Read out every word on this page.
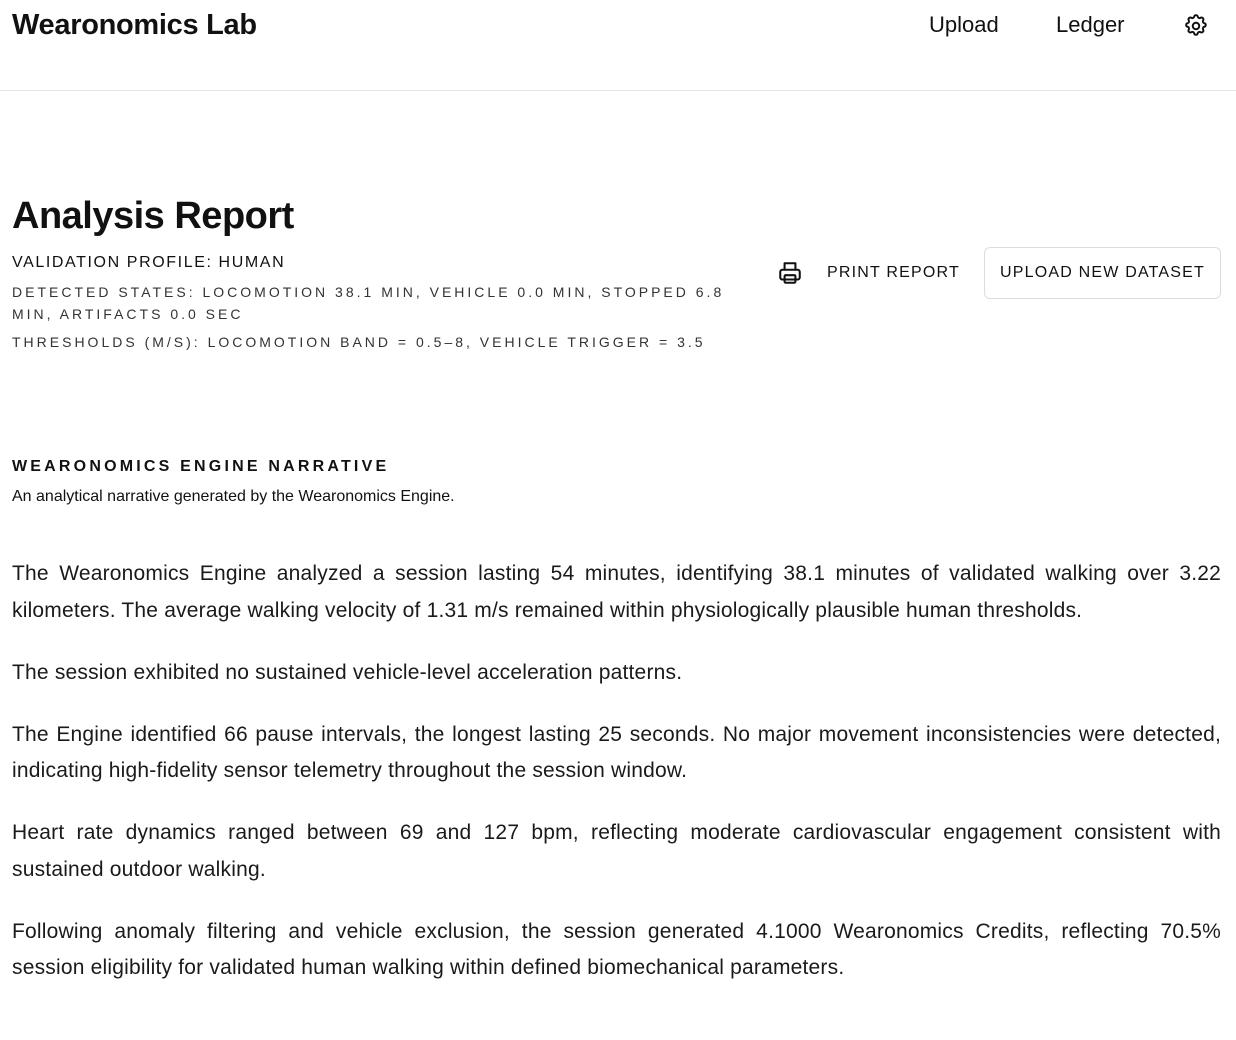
Wearonomics Lab	Upload	Ledger
Analysis Report
VALIDATION PROFILE: HUMAN
DETECTED STATES: LOCOMOTION 38.1 MIN, VEHICLE 0.0 MIN, STOPPED 6.8 MIN, ARTIFACTS 0.0 SEC
THRESHOLDS (M/S): LOCOMOTION BAND = 0.5–8, VEHICLE TRIGGER = 3.5
PRINT REPORT	UPLOAD NEW DATASET
WEARONOMICS ENGINE NARRATIVE
An analytical narrative generated by the Wearonomics Engine.

The Wearonomics Engine analyzed a session lasting 54 minutes, identifying 38.1 minutes of validated walking over 3.22 kilometers. The average walking velocity of 1.31 m/s remained within physiologically plausible human thresholds.

The session exhibited no sustained vehicle-level acceleration patterns.

The Engine identified 66 pause intervals, the longest lasting 25 seconds. No major movement inconsistencies were detected, indicating high-fidelity sensor telemetry throughout the session window.

Heart rate dynamics ranged between 69 and 127 bpm, reflecting moderate cardiovascular engagement consistent with sustained outdoor walking.

Following anomaly filtering and vehicle exclusion, the session generated 4.1000 Wearonomics Credits, reflecting 70.5% session eligibility for validated human walking within defined biomechanical parameters.
